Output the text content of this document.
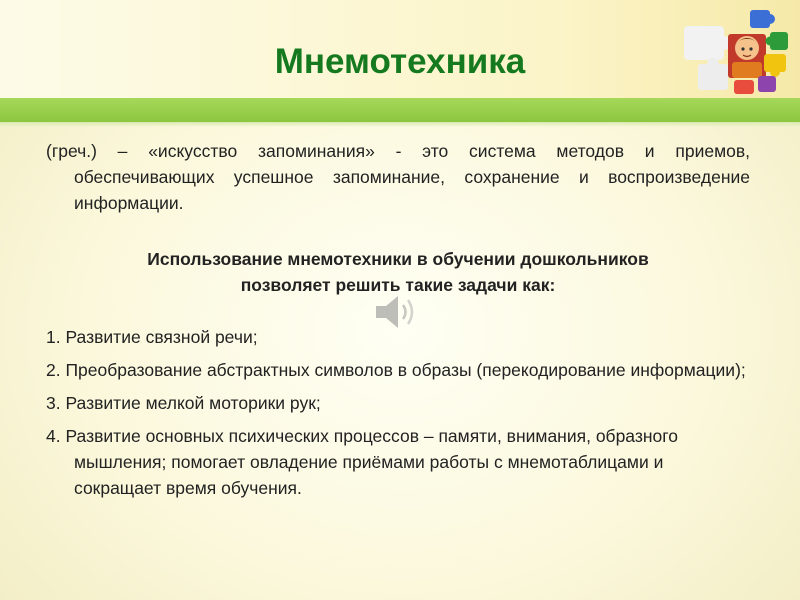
Мнемотехника

(греч.) – «искусство запоминания» - это система методов и приемов, обеспечивающих успешное запоминание, сохранение и воспроизведение информации.

Использование мнемотехники в обучении дошкольников
позволяет решить такие задачи как:

1. Развитие связной речи;

2. Преобразование абстрактных символов в образы (перекодирование информации);

3. Развитие мелкой моторики рук;

4. Развитие основных психических процессов – памяти, внимания, образного мышления; помогает овладение приёмами работы с мнемотаблицами и сокращает время обучения.
